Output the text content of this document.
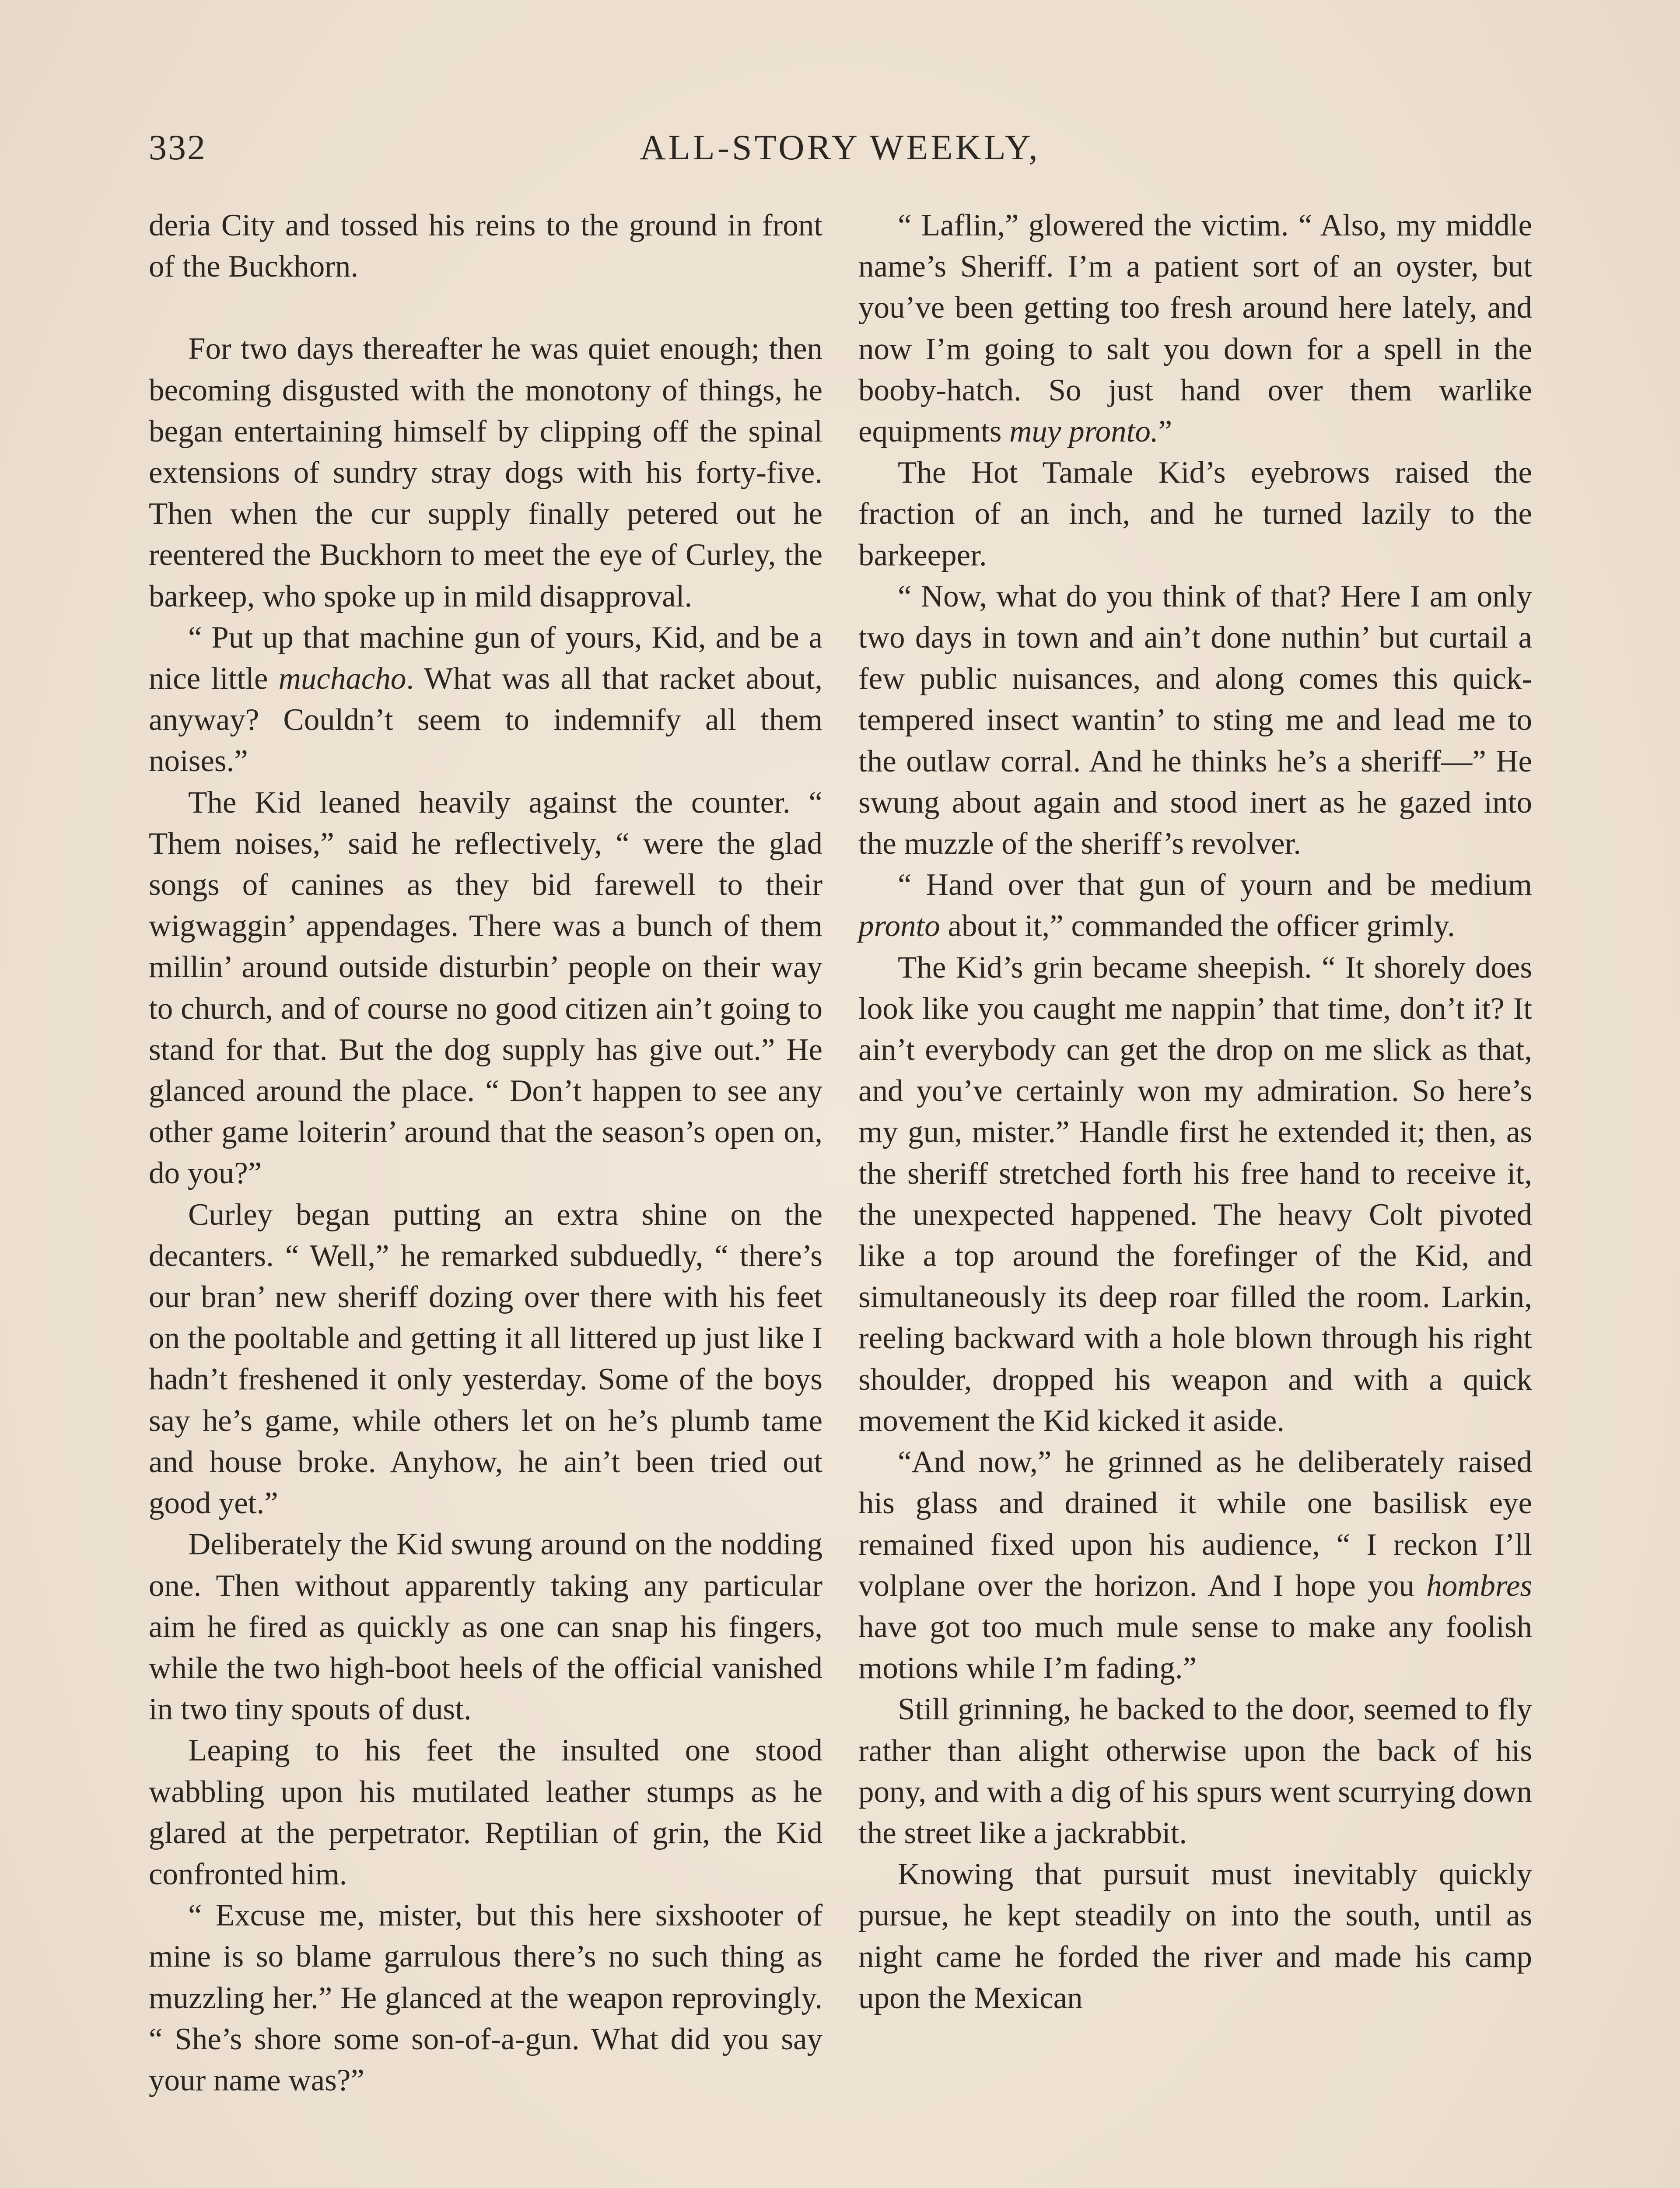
332	ALL-STORY WEEKLY,

deria City and tossed his reins to the ground in front of the Buckhorn.

For two days thereafter he was quiet enough; then becoming disgusted with the monotony of things, he began entertaining himself by clipping off the spinal extensions of sundry stray dogs with his forty-five. Then when the cur supply finally petered out he reentered the Buckhorn to meet the eye of Curley, the barkeep, who spoke up in mild disapproval.

“ Put up that machine gun of yours, Kid, and be a nice little muchacho. What was all that racket about, anyway? Couldn’t seem to indemnify all them noises.”

The Kid leaned heavily against the counter. “ Them noises,” said he reflectively, “ were the glad songs of canines as they bid farewell to their wigwaggin’ appendages. There was a bunch of them millin’ around outside disturbin’ people on their way to church, and of course no good citizen ain’t going to stand for that. But the dog supply has give out.” He glanced around the place. “ Don’t happen to see any other game loiterin’ around that the season’s open on, do you?”

Curley began putting an extra shine on the decanters. “ Well,” he remarked subduedly, “ there’s our bran’ new sheriff dozing over there with his feet on the pooltable and getting it all littered up just like I hadn’t freshened it only yesterday. Some of the boys say he’s game, while others let on he’s plumb tame and house broke. Anyhow, he ain’t been tried out good yet.”

Deliberately the Kid swung around on the nodding one. Then without apparently taking any particular aim he fired as quickly as one can snap his fingers, while the two high-boot heels of the official vanished in two tiny spouts of dust.

Leaping to his feet the insulted one stood wabbling upon his mutilated leather stumps as he glared at the perpetrator. Reptilian of grin, the Kid confronted him.

“ Excuse me, mister, but this here sixshooter of mine is so blame garrulous there’s no such thing as muzzling her.” He glanced at the weapon reprovingly. “ She’s shore some son-of-a-gun. What did you say your name was?”

“ Laflin,” glowered the victim. “ Also, my middle name’s Sheriff. I’m a patient sort of an oyster, but you’ve been getting too fresh around here lately, and now I’m going to salt you down for a spell in the booby-hatch. So just hand over them warlike equipments muy pronto.”

The Hot Tamale Kid’s eyebrows raised the fraction of an inch, and he turned lazily to the barkeeper.

“ Now, what do you think of that? Here I am only two days in town and ain’t done nuthin’ but curtail a few public nuisances, and along comes this quick-tempered insect wantin’ to sting me and lead me to the outlaw corral. And he thinks he’s a sheriff—” He swung about again and stood inert as he gazed into the muzzle of the sheriff’s revolver.

“ Hand over that gun of yourn and be medium pronto about it,” commanded the officer grimly.

The Kid’s grin became sheepish. “ It shorely does look like you caught me nappin’ that time, don’t it? It ain’t everybody can get the drop on me slick as that, and you’ve certainly won my admiration. So here’s my gun, mister.” Handle first he extended it; then, as the sheriff stretched forth his free hand to receive it, the unexpected happened. The heavy Colt pivoted like a top around the forefinger of the Kid, and simultaneously its deep roar filled the room. Larkin, reeling backward with a hole blown through his right shoulder, dropped his weapon and with a quick movement the Kid kicked it aside.

“And now,” he grinned as he deliberately raised his glass and drained it while one basilisk eye remained fixed upon his audience, “ I reckon I’ll volplane over the horizon. And I hope you hombres have got too much mule sense to make any foolish motions while I’m fading.”

Still grinning, he backed to the door, seemed to fly rather than alight otherwise upon the back of his pony, and with a dig of his spurs went scurrying down the street like a jackrabbit.

Knowing that pursuit must inevitably quickly pursue, he kept steadily on into the south, until as night came he forded the river and made his camp upon the Mexican
